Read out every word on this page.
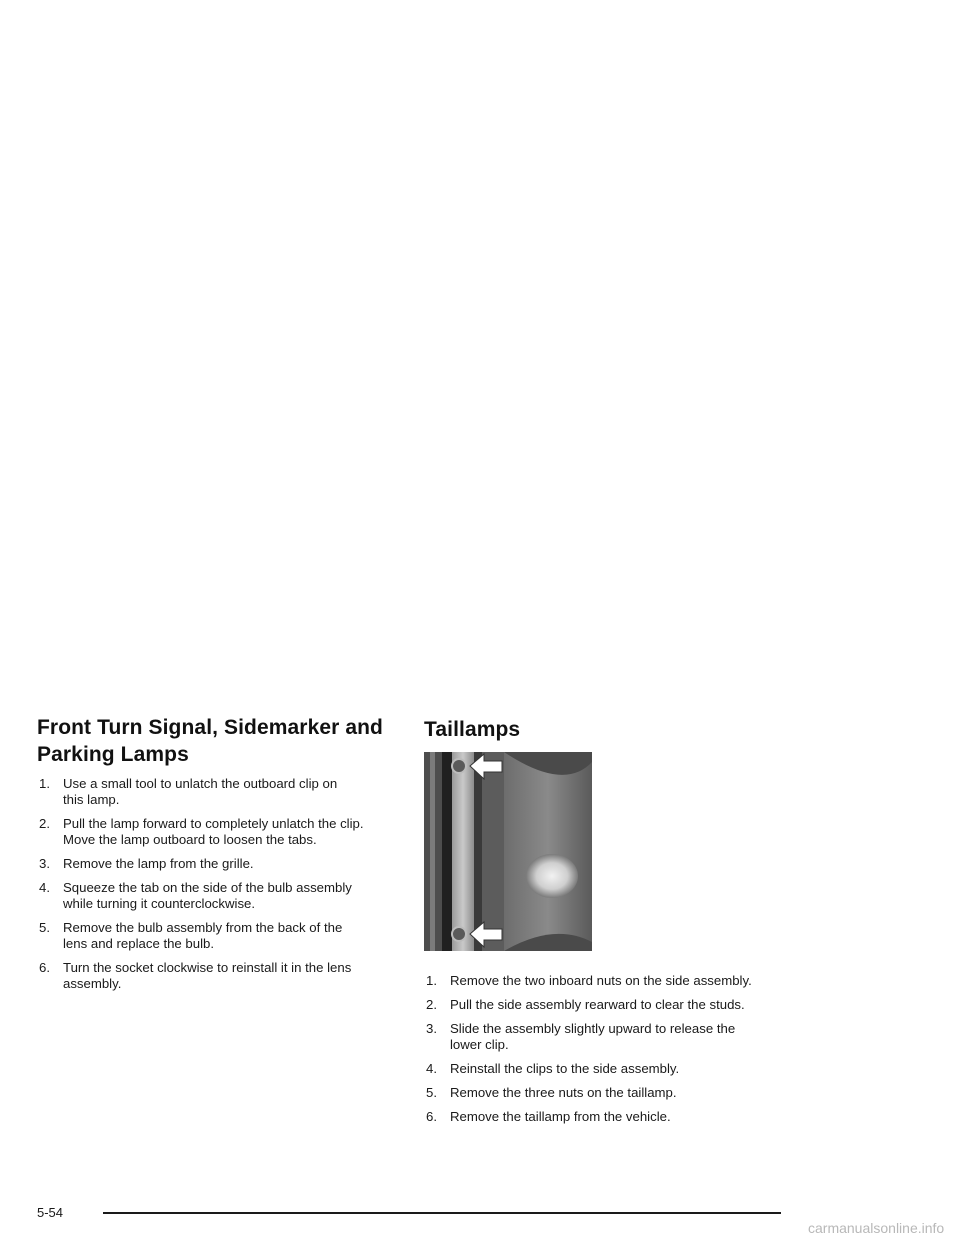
Front Turn Signal, Sidemarker and
Parking Lamps
1. Use a small tool to unlatch the outboard clip on
this lamp.
2. Pull the lamp forward to completely unlatch the clip.
Move the lamp outboard to loosen the tabs.
3. Remove the lamp from the grille.
4. Squeeze the tab on the side of the bulb assembly
while turning it counterclockwise.
5. Remove the bulb assembly from the back of the
lens and replace the bulb.
6. Turn the socket clockwise to reinstall it in the lens
assembly.
Taillamps
1. Remove the two inboard nuts on the side assembly.
2. Pull the side assembly rearward to clear the studs.
3. Slide the assembly slightly upward to release the
lower clip.
4. Reinstall the clips to the side assembly.
5. Remove the three nuts on the taillamp.
6. Remove the taillamp from the vehicle.
5-54
carmanualsonline.info
